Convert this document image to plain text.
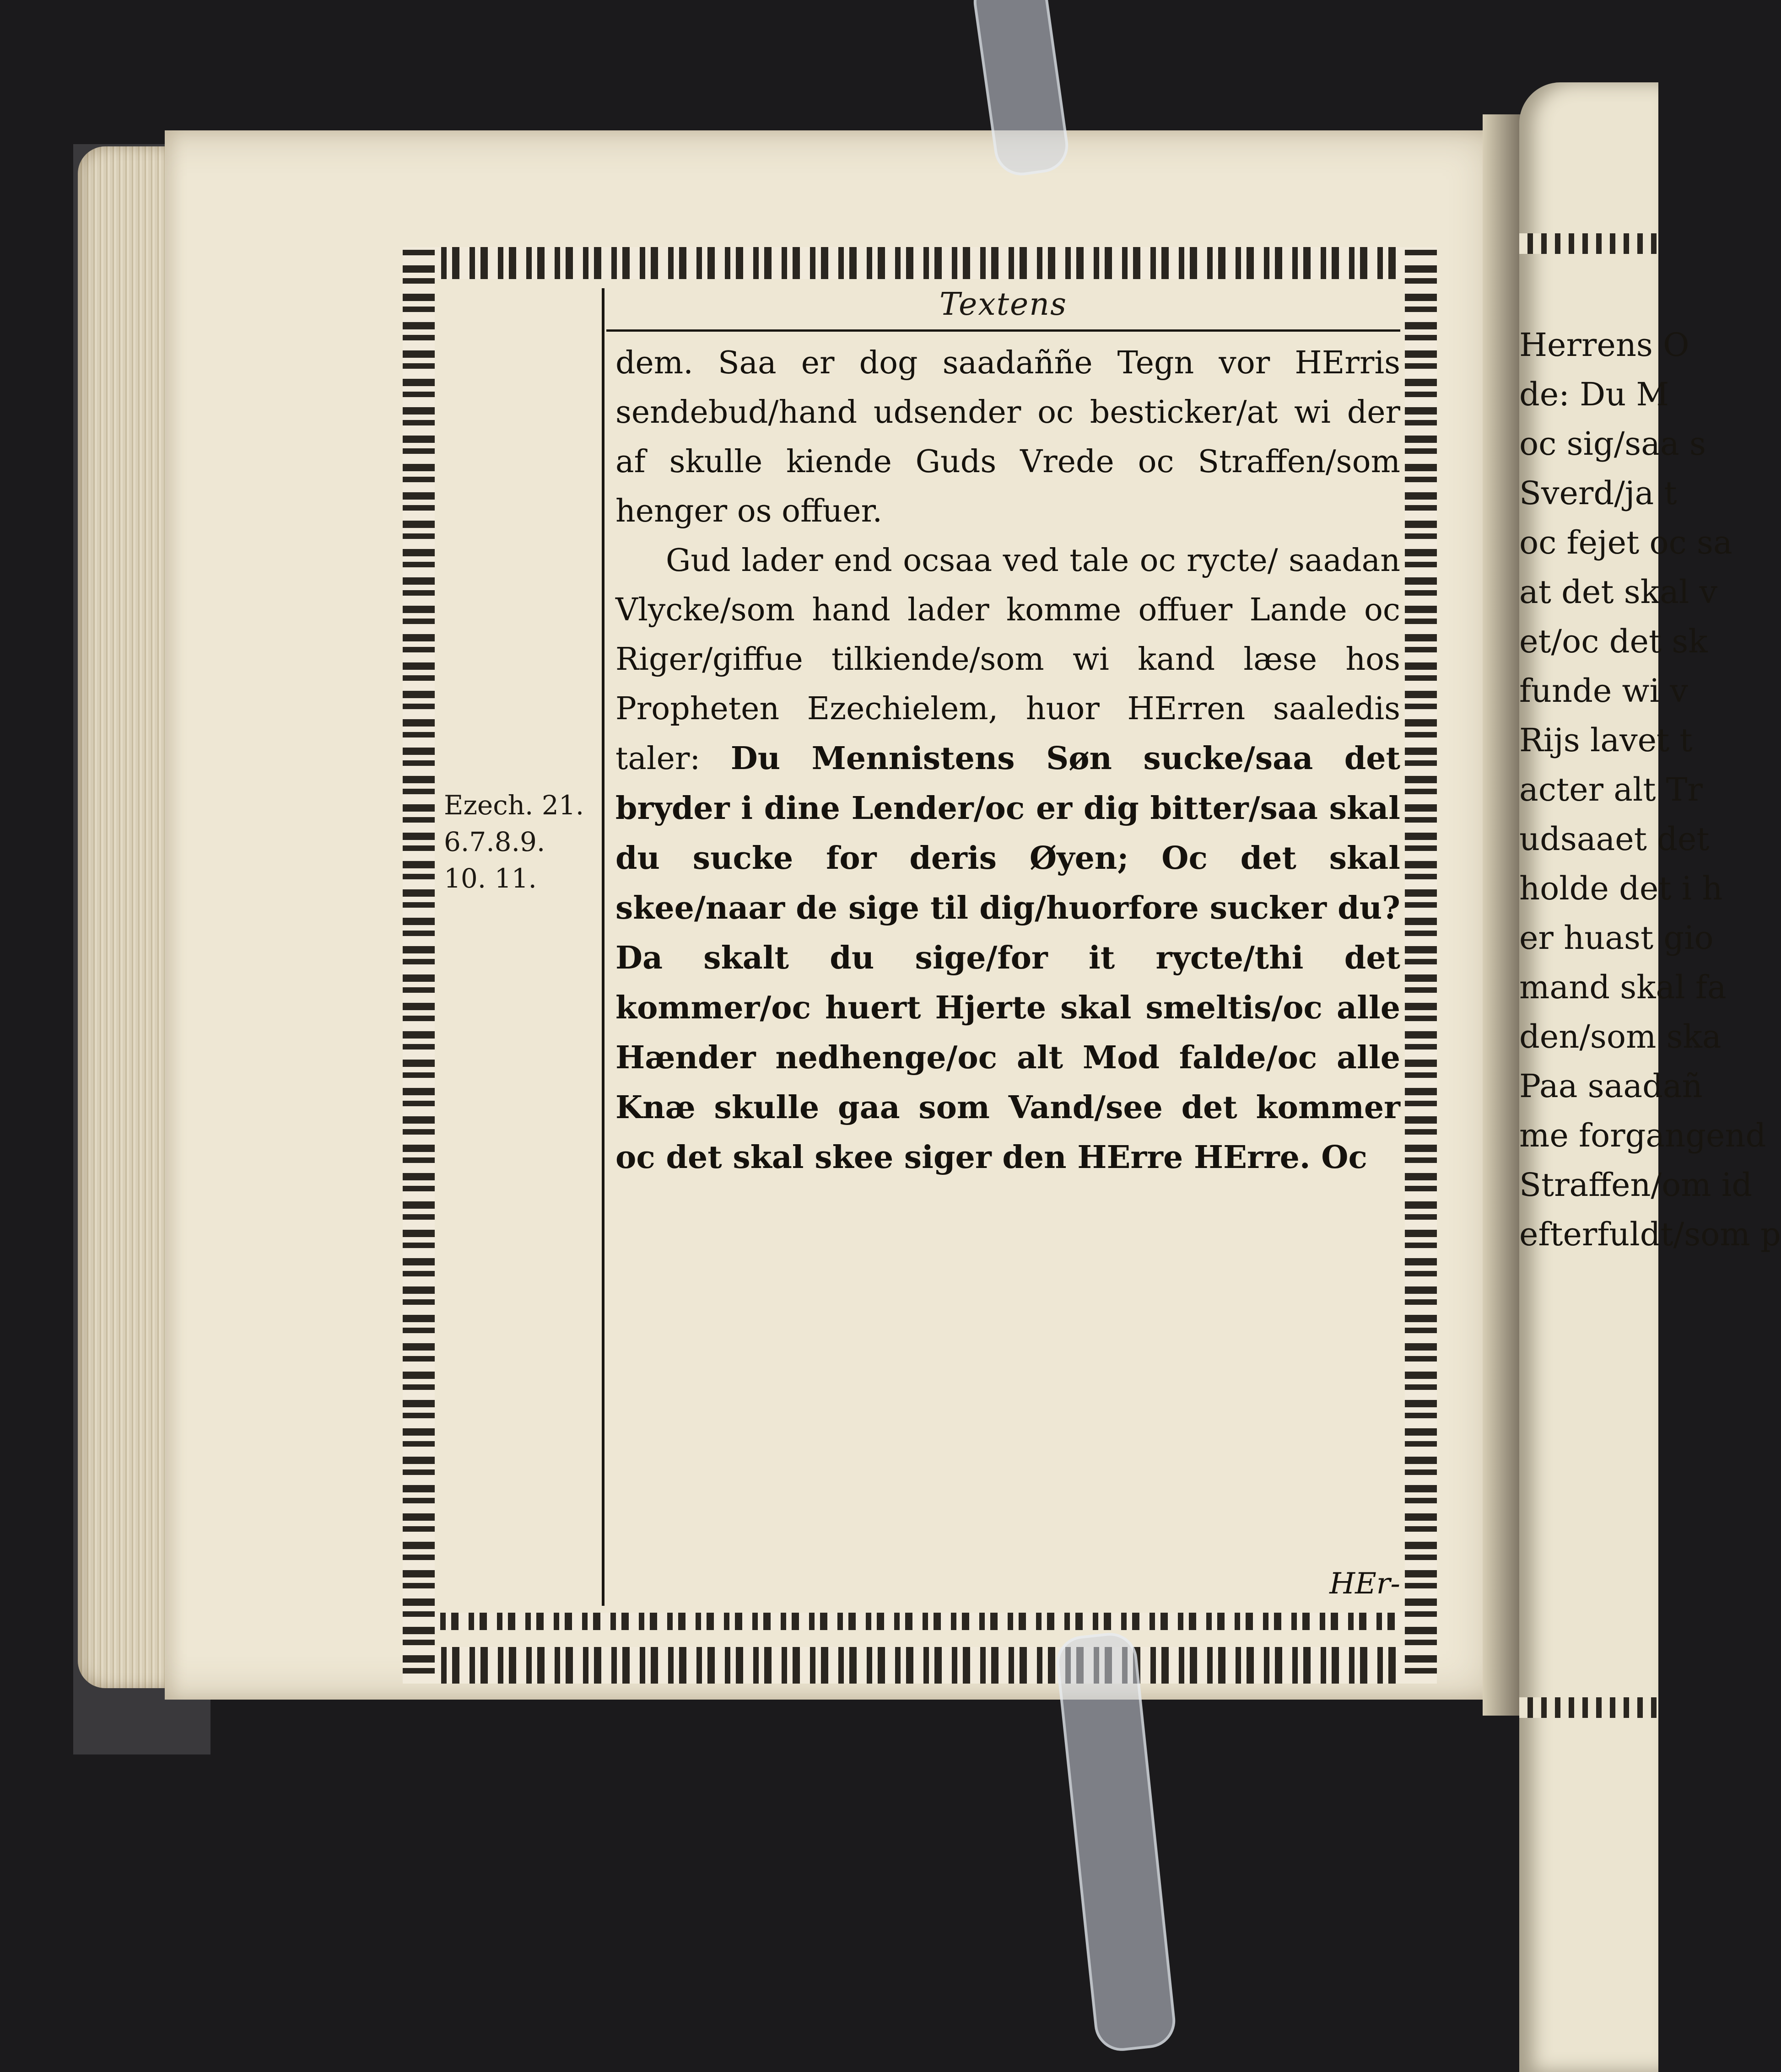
Herrens O
de: Du M
oc sig/saa s
Sverd/ja t
oc fejet oc sa
at det skal v
et/oc det sk
funde wi v
Rijs lavet t
acter alt Tr
udsaaet det
holde det i h
er huast gio
mand skal fa
den/som ska
Paa saadañ
me forgangend
Straffen/om id
efterfuldt/som p
Textens
Ezech. 21.
6.7.8.9.
10. 11.
dem. Saa er dog saadaññe Tegn vor HErris sendebud/hand udsender oc besticker/at wi der af skulle kiende Guds Vrede oc Straffen/som henger os offuer.
Gud lader end ocsaa ved tale oc rycte/ saadan Vlycke/som hand lader komme offuer Lande oc Riger/giffue tilkiende/som wi kand læse hos Propheten Ezechielem, huor HErren saaledis taler: Du Mennistens Søn sucke/saa det bryder i dine Lender/oc er dig bitter/saa skal du sucke for deris Øyen; Oc det skal skee/naar de sige til dig/huorfore sucker du? Da skalt du sige/for it rycte/thi det kommer/oc huert Hjerte skal smeltis/oc alle Hænder nedhenge/oc alt Mod falde/oc alle Knæ skulle gaa som Vand/see det kommer oc det skal skee siger den HErre HErre. Oc
HEr-
